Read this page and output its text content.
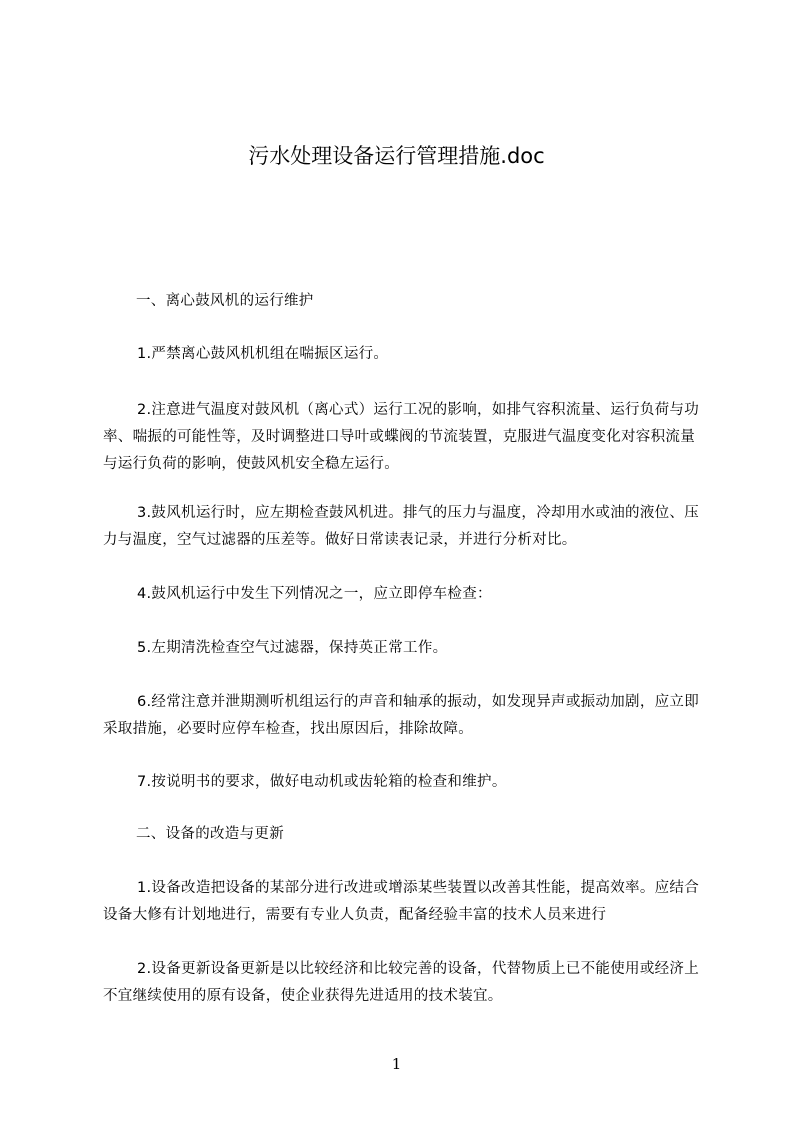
污水处理设备运行管理措施.doc
一、离心鼓风机的运行维护
1.严禁离心鼓风机机组在喘振区运行。
2.注意进气温度对鼓风机（离心式）运行工况的影响，如排气容积流量、运行负荷与功率、喘振的可能性等，及时调整进口导叶或蝶阀的节流装置，克服进气温度变化对容积流量与运行负荷的影响，使鼓风机安全稳左运行。
3.鼓风机运行时，应左期检查鼓风机进。排气的压力与温度，冷却用水或油的液位、压力与温度，空气过滤器的压差等。做好日常读表记录，并进行分析对比。
4.鼓风机运行中发生下列情况之一，应立即停车检查：
5.左期清洗检查空气过滤器，保持英正常工作。
6.经常注意并泄期测听机组运行的声音和轴承的振动，如发现异声或振动加剧，应立即采取措施，必要时应停车检查，找出原因后，排除故障。
7.按说明书的要求，做好电动机或齿轮箱的检查和维护。
二、设备的改造与更新
1.设备改造把设备的某部分进行改进或增添某些装置以改善其性能，提高效率。应结合设备大修有计划地进行，需要有专业人负责，配备经验丰富的技术人员来进行
2.设备更新设备更新是以比较经济和比较完善的设备，代替物质上已不能使用或经济上不宜继续使用的原有设备，使企业获得先进适用的技术装宜。
1
